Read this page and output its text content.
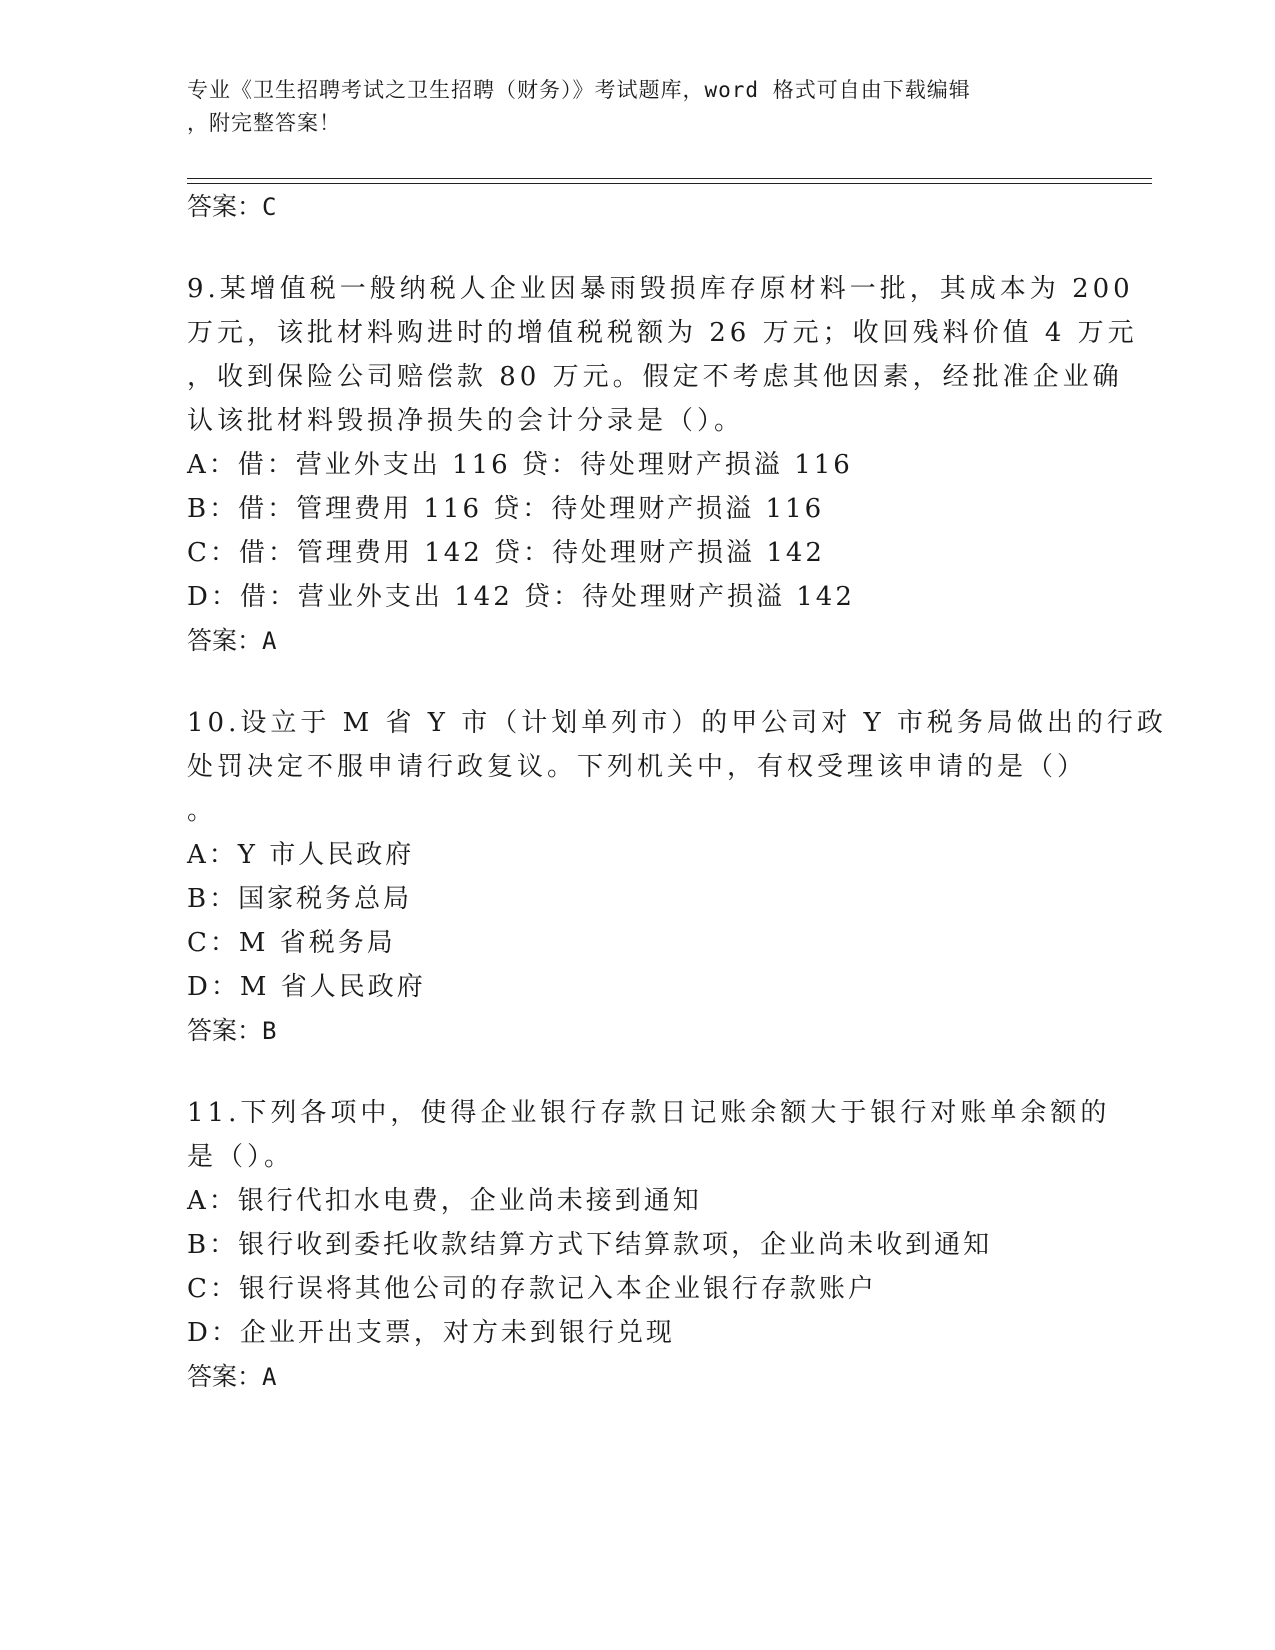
专业《卫生招聘考试之卫生招聘（财务）》考试题库，word 格式可自由下载编辑
，附完整答案！
答案：C
9.某增值税一般纳税人企业因暴雨毁损库存原材料一批，其成本为 200
万元，该批材料购进时的增值税税额为 26 万元；收回残料价值 4 万元
，收到保险公司赔偿款 80 万元。假定不考虑其他因素，经批准企业确
认该批材料毁损净损失的会计分录是（）。
A：借：营业外支出 116 贷：待处理财产损溢 116
B：借：管理费用 116 贷：待处理财产损溢 116
C：借：管理费用 142 贷：待处理财产损溢 142
D：借：营业外支出 142 贷：待处理财产损溢 142
答案：A
10.设立于 M 省 Y 市（计划单列市）的甲公司对 Y 市税务局做出的行政
处罚决定不服申请行政复议。下列机关中，有权受理该申请的是（）
。
A：Y 市人民政府
B：国家税务总局
C：M 省税务局
D：M 省人民政府
答案：B
11.下列各项中，使得企业银行存款日记账余额大于银行对账单余额的
是（）。
A：银行代扣水电费，企业尚未接到通知
B：银行收到委托收款结算方式下结算款项，企业尚未收到通知
C：银行误将其他公司的存款记入本企业银行存款账户
D：企业开出支票，对方未到银行兑现
答案：A
